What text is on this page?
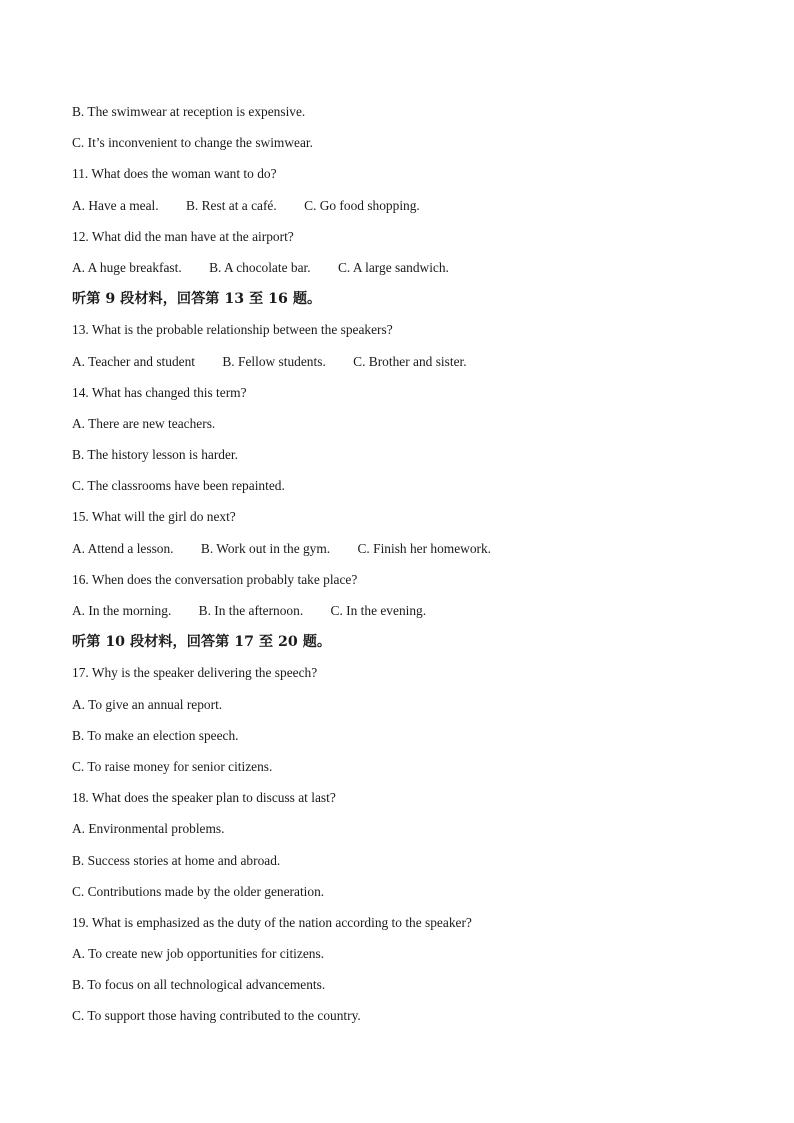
B. The swimwear at reception is expensive.
C. It’s inconvenient to change the swimwear.
11. What does the woman want to do?
A. Have a meal. B. Rest at a café. C. Go food shopping.
12. What did the man have at the airport?
A. A huge breakfast. B. A chocolate bar. C. A large sandwich.
听第 9 段材料，回答第 13 至 16 题。
13. What is the probable relationship between the speakers?
A. Teacher and student B. Fellow students. C. Brother and sister.
14. What has changed this term?
A. There are new teachers.
B. The history lesson is harder.
C. The classrooms have been repainted.
15. What will the girl do next?
A. Attend a lesson. B. Work out in the gym. C. Finish her homework.
16. When does the conversation probably take place?
A. In the morning. B. In the afternoon. C. In the evening.
听第 10 段材料，回答第 17 至 20 题。
17. Why is the speaker delivering the speech?
A. To give an annual report.
B. To make an election speech.
C. To raise money for senior citizens.
18. What does the speaker plan to discuss at last?
A. Environmental problems.
B. Success stories at home and abroad.
C. Contributions made by the older generation.
19. What is emphasized as the duty of the nation according to the speaker?
A. To create new job opportunities for citizens.
B. To focus on all technological advancements.
C. To support those having contributed to the country.
